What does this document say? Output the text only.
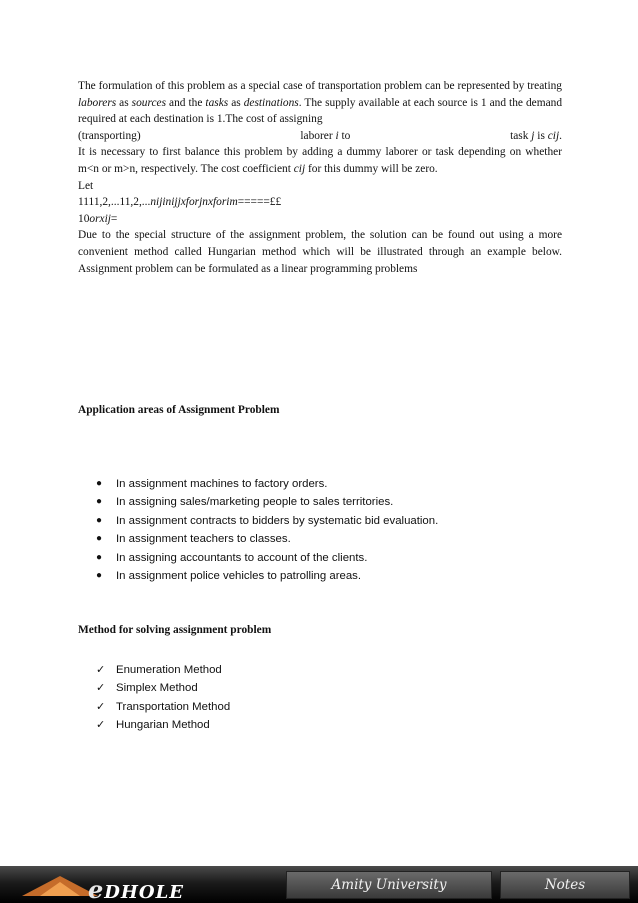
The formulation of this problem as a special case of transportation problem can be represented by treating laborers as sources and the tasks as destinations. The supply available at each source is 1 and the demand required at each destination is 1.The cost of assigning

(transporting)	laborer i to	task j is cij.

It is necessary to first balance this problem by adding a dummy laborer or task depending on whether m<n or m>n, respectively. The cost coefficient cij for this dummy will be zero.

Let

1111,2,...11,2,...nijinijjxforjnxforim=====££

10orxij=

Due to the special structure of the assignment problem, the solution can be found out using a more convenient method called Hungarian method which will be illustrated through an example below. Assignment problem can be formulated as a linear programming problems

Application areas of Assignment Problem
●	In assignment machines to factory orders.
●	In assigning sales/marketing people to sales territories.
●	In assignment contracts to bidders by systematic bid evaluation.
●	In assignment teachers to classes.
●	In assigning accountants to account of the clients.
●	In assignment police vehicles to patrolling areas.
Method for solving assignment problem
✓ Enumeration Method
✓ Simplex Method
✓ Transportation Method
✓ Hungarian Method
eDHOLE	Amity University	Notes
